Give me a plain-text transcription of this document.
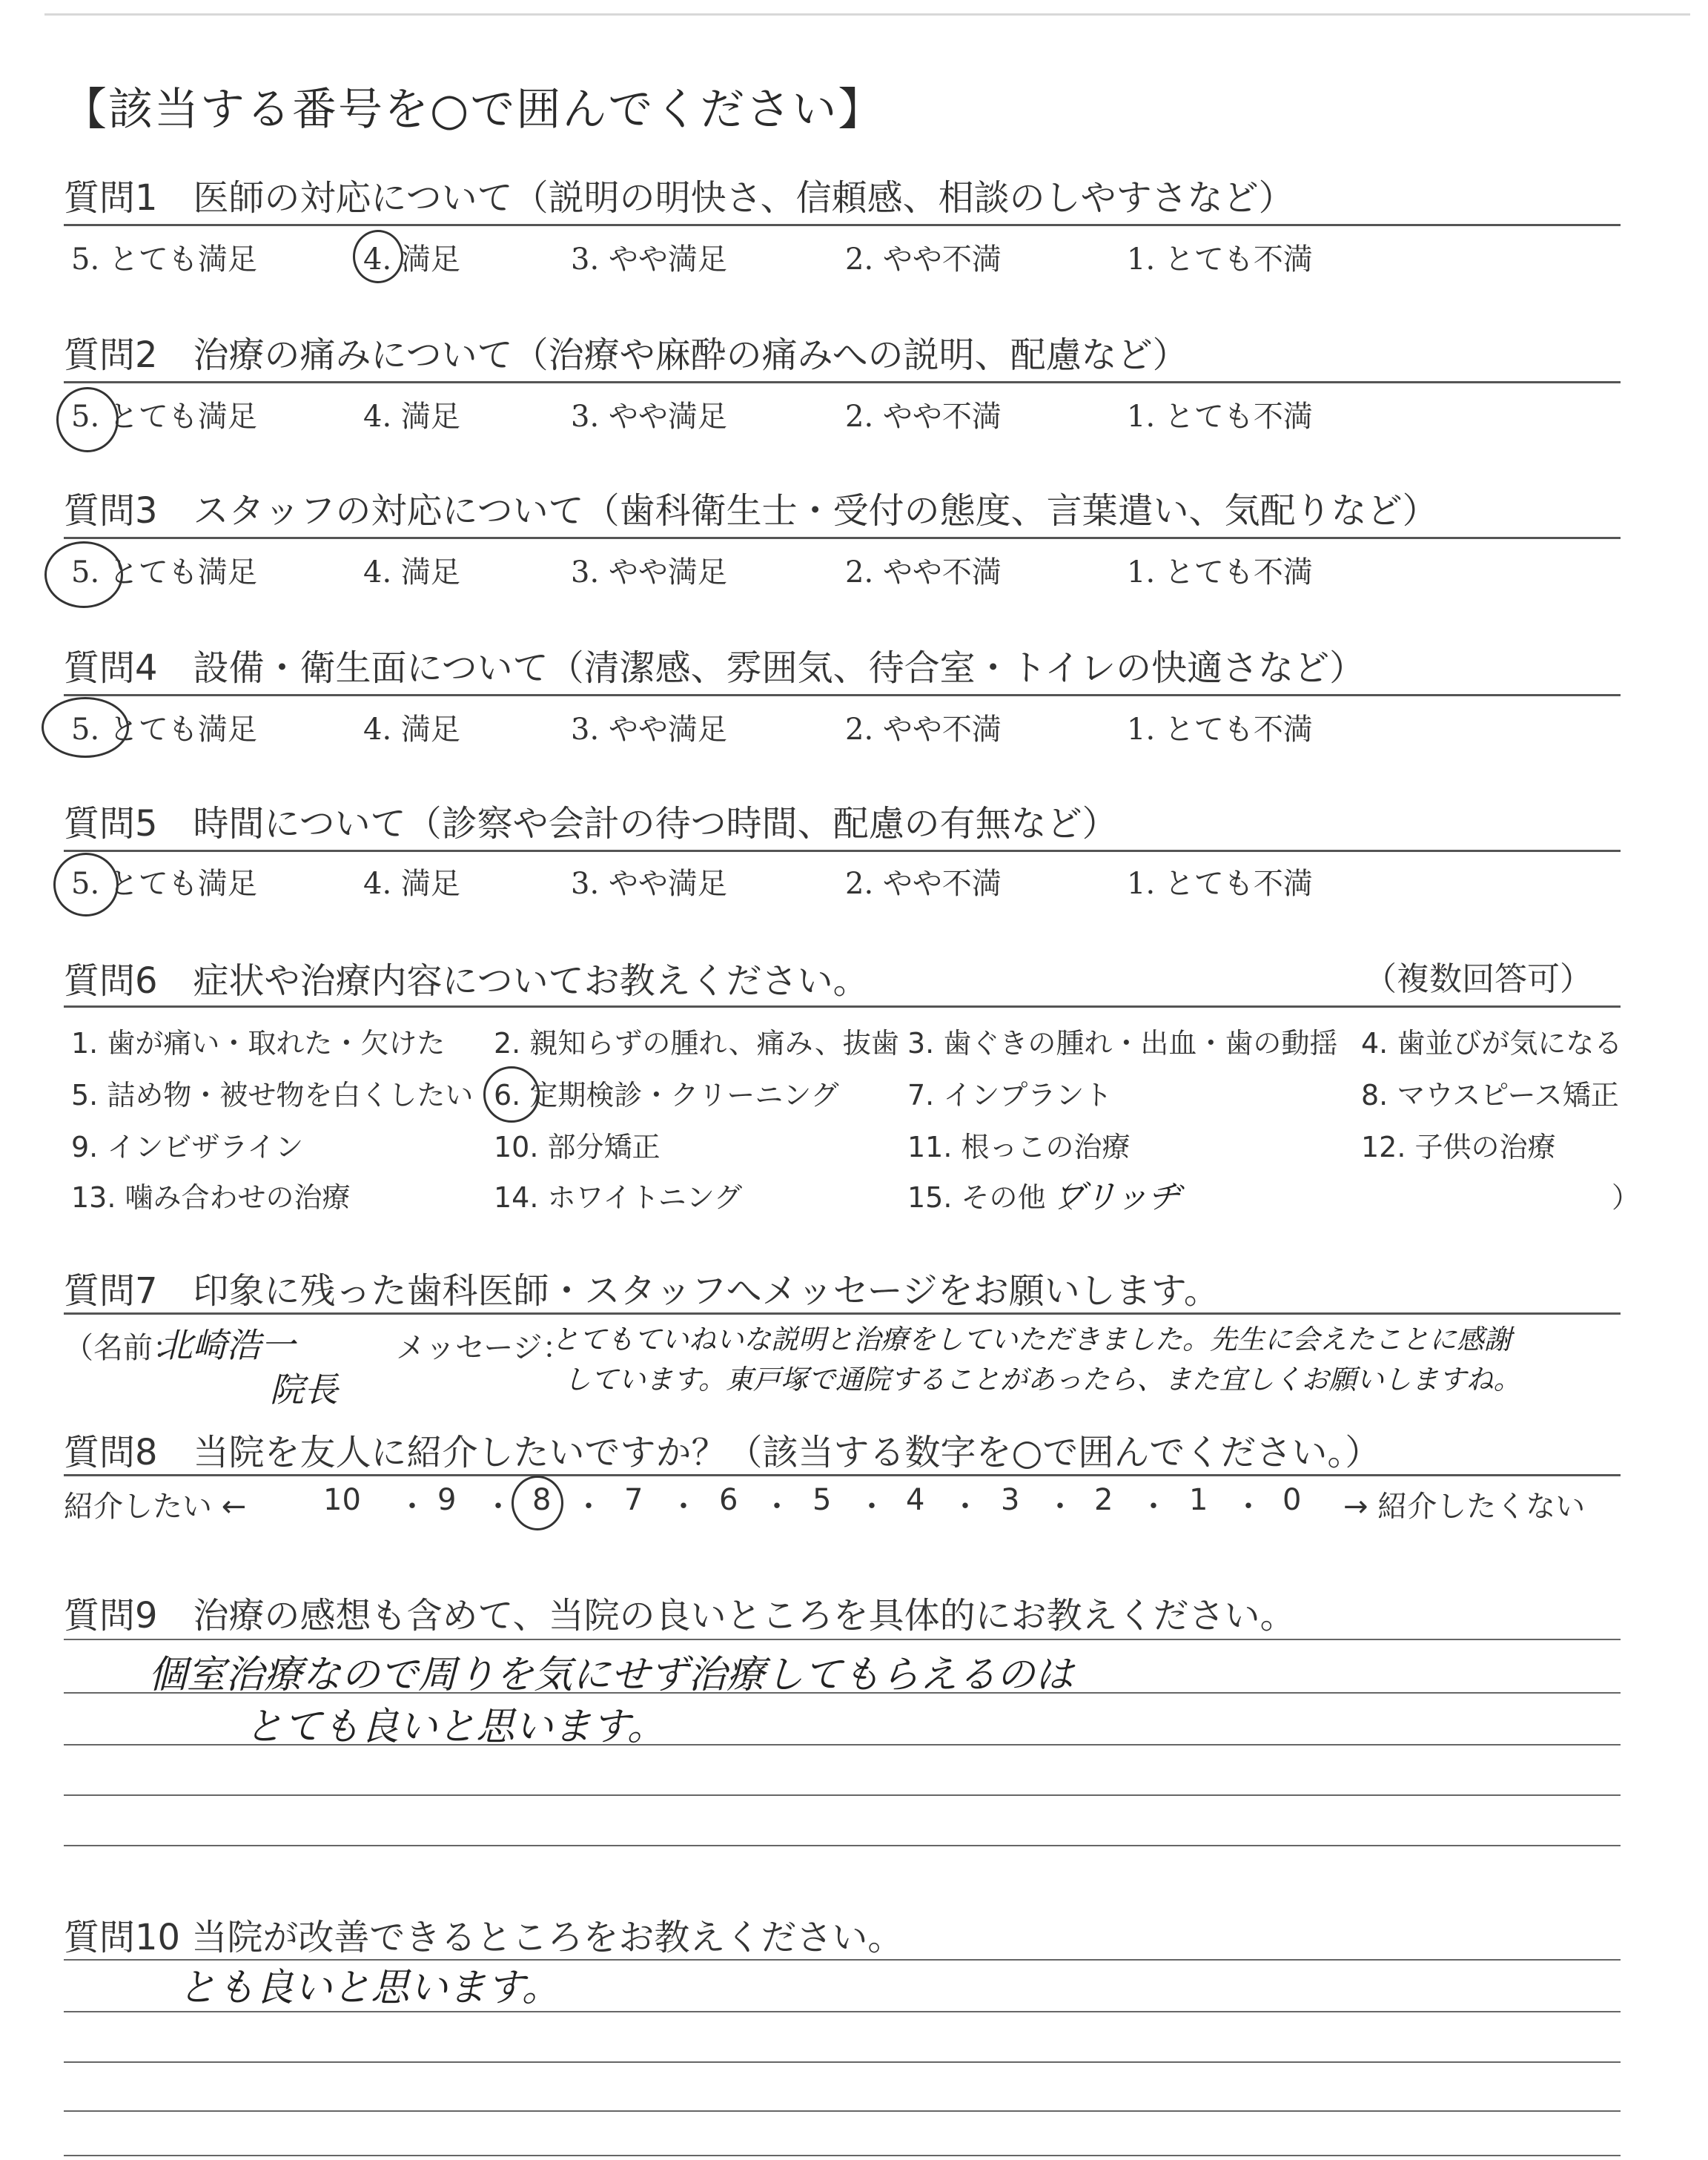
【該当する番号を○で囲んでください】
質問1　医師の対応について（説明の明快さ、信頼感、相談のしやすさなど）
5. とても満足	4. 満足	3. やや満足	2. やや不満	1. とても不満
質問2　治療の痛みについて（治療や麻酔の痛みへの説明、配慮など）
5. とても満足	4. 満足	3. やや満足	2. やや不満	1. とても不満
質問3　スタッフの対応について（歯科衛生士・受付の態度、言葉遣い、気配りなど）
5. とても満足	4. 満足	3. やや満足	2. やや不満	1. とても不満
質問4　設備・衛生面について（清潔感、雰囲気、待合室・トイレの快適さなど）
5. とても満足	4. 満足	3. やや満足	2. やや不満	1. とても不満
質問5　時間について（診察や会計の待つ時間、配慮の有無など）
5. とても満足	4. 満足	3. やや満足	2. やや不満	1. とても不満
質問6　症状や治療内容についてお教えください。	（複数回答可）
1. 歯が痛い・取れた・欠けた 2. 親知らずの腫れ、痛み、抜歯 3. 歯ぐきの腫れ・出血・歯の動揺 4. 歯並びが気になる
5. 詰め物・被せ物を白くしたい 6. 定期検診・クリーニング 7. インプラント	8. マウスピース矯正
9. インビザライン	10. 部分矯正	11. 根っこの治療	12. 子供の治療
13. 噛み合わせの治療	14. ホワイトニング	15. その他（
ブリッヂ	）
質問7　印象に残った歯科医師・スタッフへメッセージをお願いします。
（名前：
北崎浩一
院長
メッセージ：
とてもていねいな説明と治療をしていただきました。先生に会えたことに感謝
しています。東戸塚で通院することがあったら、また宜しくお願いしますね。
質問8　当院を友人に紹介したいですか？（該当する数字を○で囲んでください。）
紹介したい ←	10 ・ 9 ・ 8 ・ 7 ・ 6 ・ 5 ・ 4 ・ 3 ・ 2 ・ 1 ・ 0 → 紹介したくない
質問9　治療の感想も含めて、当院の良いところを具体的にお教えください。
個室治療なので周りを気にせず治療してもらえるのは
とても良いと思います。
質問10 当院が改善できるところをお教えください。
とも良いと思います。
